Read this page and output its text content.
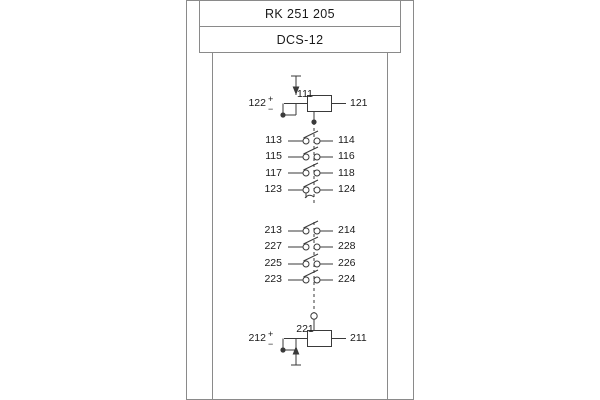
RK 251 205
DCS-12
122 +
−
111
121
113	114
115	116
117	118
123	124
213	214
227	228
225	226
223	224
212 +
−
221
211
